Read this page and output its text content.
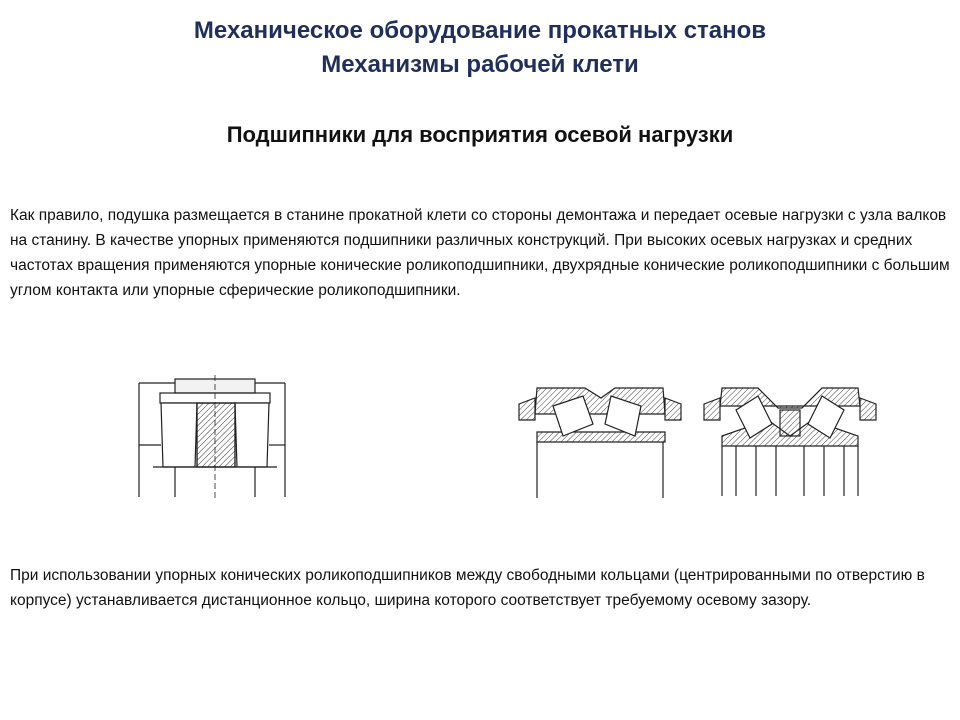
Механическое оборудование прокатных станов
Механизмы рабочей клети
Подшипники для восприятия осевой нагрузки
Как правило, подушка размещается в станине прокатной клети со стороны демонтажа и передает осевые нагрузки с узла валков на станину. В качестве упорных применяются подшипники различных конструкций. При высоких осевых нагрузках и средних частотах вращения применяются упорные конические роликоподшипники, двухрядные конические роликоподшипники с большим углом контакта или упорные сферические роликоподшипники.
При использовании упорных конических роликоподшипников между свободными кольцами (центрированными по отверстию в корпусе) устанавливается дистанционное кольцо, ширина которого соответствует требуемому осевому зазору.
